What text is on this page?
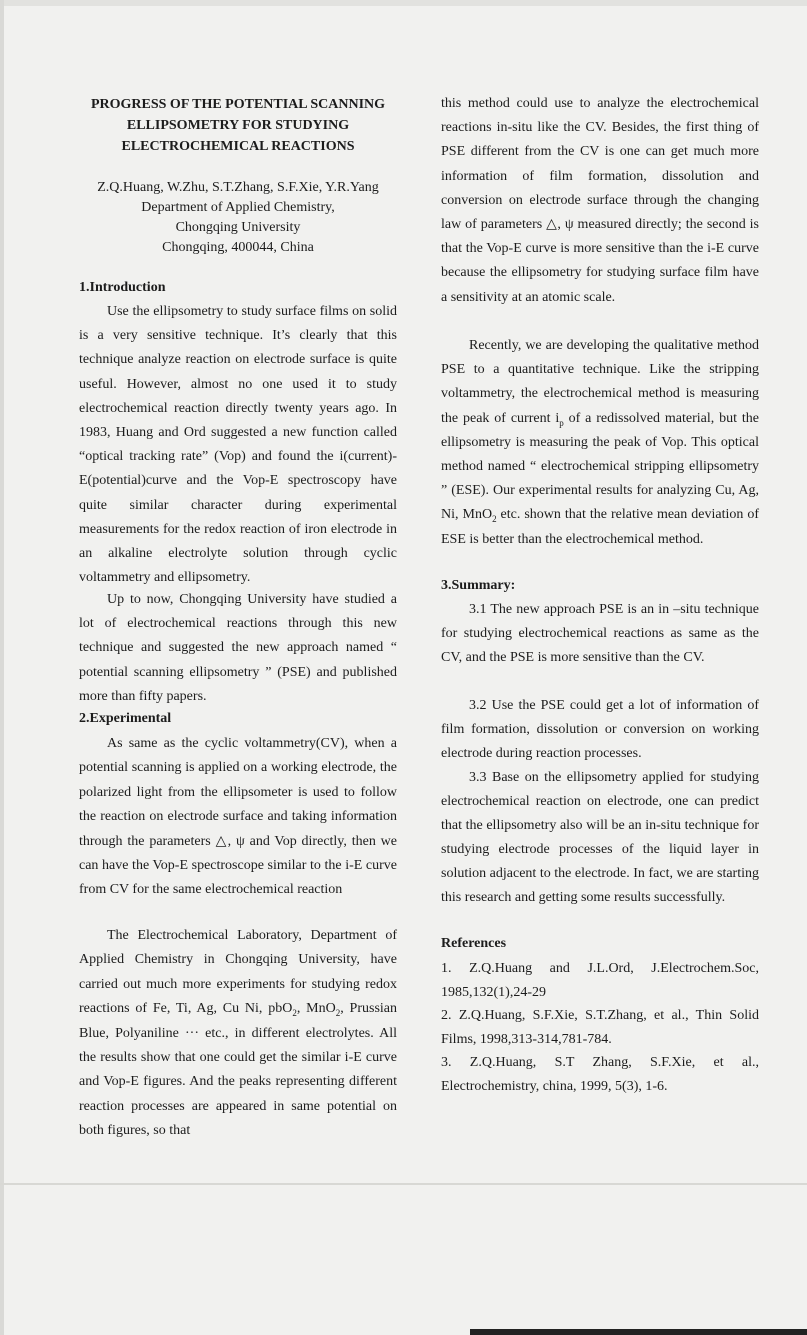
PROGRESS OF THE POTENTIAL SCANNING ELLIPSOMETRY FOR STUDYING ELECTROCHEMICAL REACTIONS
Z.Q.Huang, W.Zhu, S.T.Zhang, S.F.Xie, Y.R.Yang
Department of Applied Chemistry,
Chongqing University
Chongqing, 400044, China
1.Introduction

Use the ellipsometry to study surface films on solid is a very sensitive technique. It’s clearly that this technique analyze reaction on electrode surface is quite useful. However, almost no one used it to study electrochemical reaction directly twenty years ago. In 1983, Huang and Ord suggested a new function called “optical tracking rate” (Vop) and found the i(current)-E(potential)curve and the Vop-E spectroscopy have quite similar character during experimental measurements for the redox reaction of iron electrode in an alkaline electrolyte solution through cyclic voltammetry and ellipsometry.

Up to now, Chongqing University have studied a lot of electrochemical reactions through this new technique and suggested the new approach named “ potential scanning ellipsometry ” (PSE) and published more than fifty papers.

2.Experimental

As same as the cyclic voltammetry(CV), when a potential scanning is applied on a working electrode, the polarized light from the ellipsometer is used to follow the reaction on electrode surface and taking information through the parameters △, ψ and Vop directly, then we can have the Vop-E spectroscope similar to the i-E curve from CV for the same electrochemical reaction

The Electrochemical Laboratory, Department of Applied Chemistry in Chongqing University, have carried out much more experiments for studying redox reactions of Fe, Ti, Ag, Cu Ni, pbO$_2$, MnO$_2$, Prussian Blue, Polyaniline ··· etc., in different electrolytes. All the results show that one could get the similar i-E curve and Vop-E figures. And the peaks representing different reaction processes are appeared in same potential on both figures, so that

this method could use to analyze the electrochemical reactions in-situ like the CV. Besides, the first thing of PSE different from the CV is one can get much more information of film formation, dissolution and conversion on electrode surface through the changing law of parameters △, ψ measured directly; the second is that the Vop-E curve is more sensitive than the i-E curve because the ellipsometry for studying surface film have a sensitivity at an atomic scale.

Recently, we are developing the qualitative method PSE to a quantitative technique. Like the stripping voltammetry, the electrochemical method is measuring the peak of current $i_p$ of a redissolved material, but the ellipsometry is measuring the peak of Vop. This optical method named “ electrochemical stripping ellipsometry ” (ESE). Our experimental results for analyzing Cu, Ag, Ni, MnO$_2$ etc. shown that the relative mean deviation of ESE is better than the electrochemical method.

3.Summary:

3.1 The new approach PSE is an in –situ technique for studying electrochemical reactions as same as the CV, and the PSE is more sensitive than the CV.

3.2 Use the PSE could get a lot of information of film formation, dissolution or conversion on working electrode during reaction processes.

3.3 Base on the ellipsometry applied for studying electrochemical reaction on electrode, one can predict that the ellipsometry also will be an in-situ technique for studying electrode processes of the liquid layer in solution adjacent to the electrode. In fact, we are starting this research and getting some results successfully.

References

1. Z.Q.Huang and J.L.Ord, J.Electrochem.Soc, 1985,132(1),24-29

2. Z.Q.Huang, S.F.Xie, S.T.Zhang, et al., Thin Solid Films, 1998,313-314,781-784.

3. Z.Q.Huang, S.T Zhang, S.F.Xie, et al., Electrochemistry, china, 1999, 5(3), 1-6.
